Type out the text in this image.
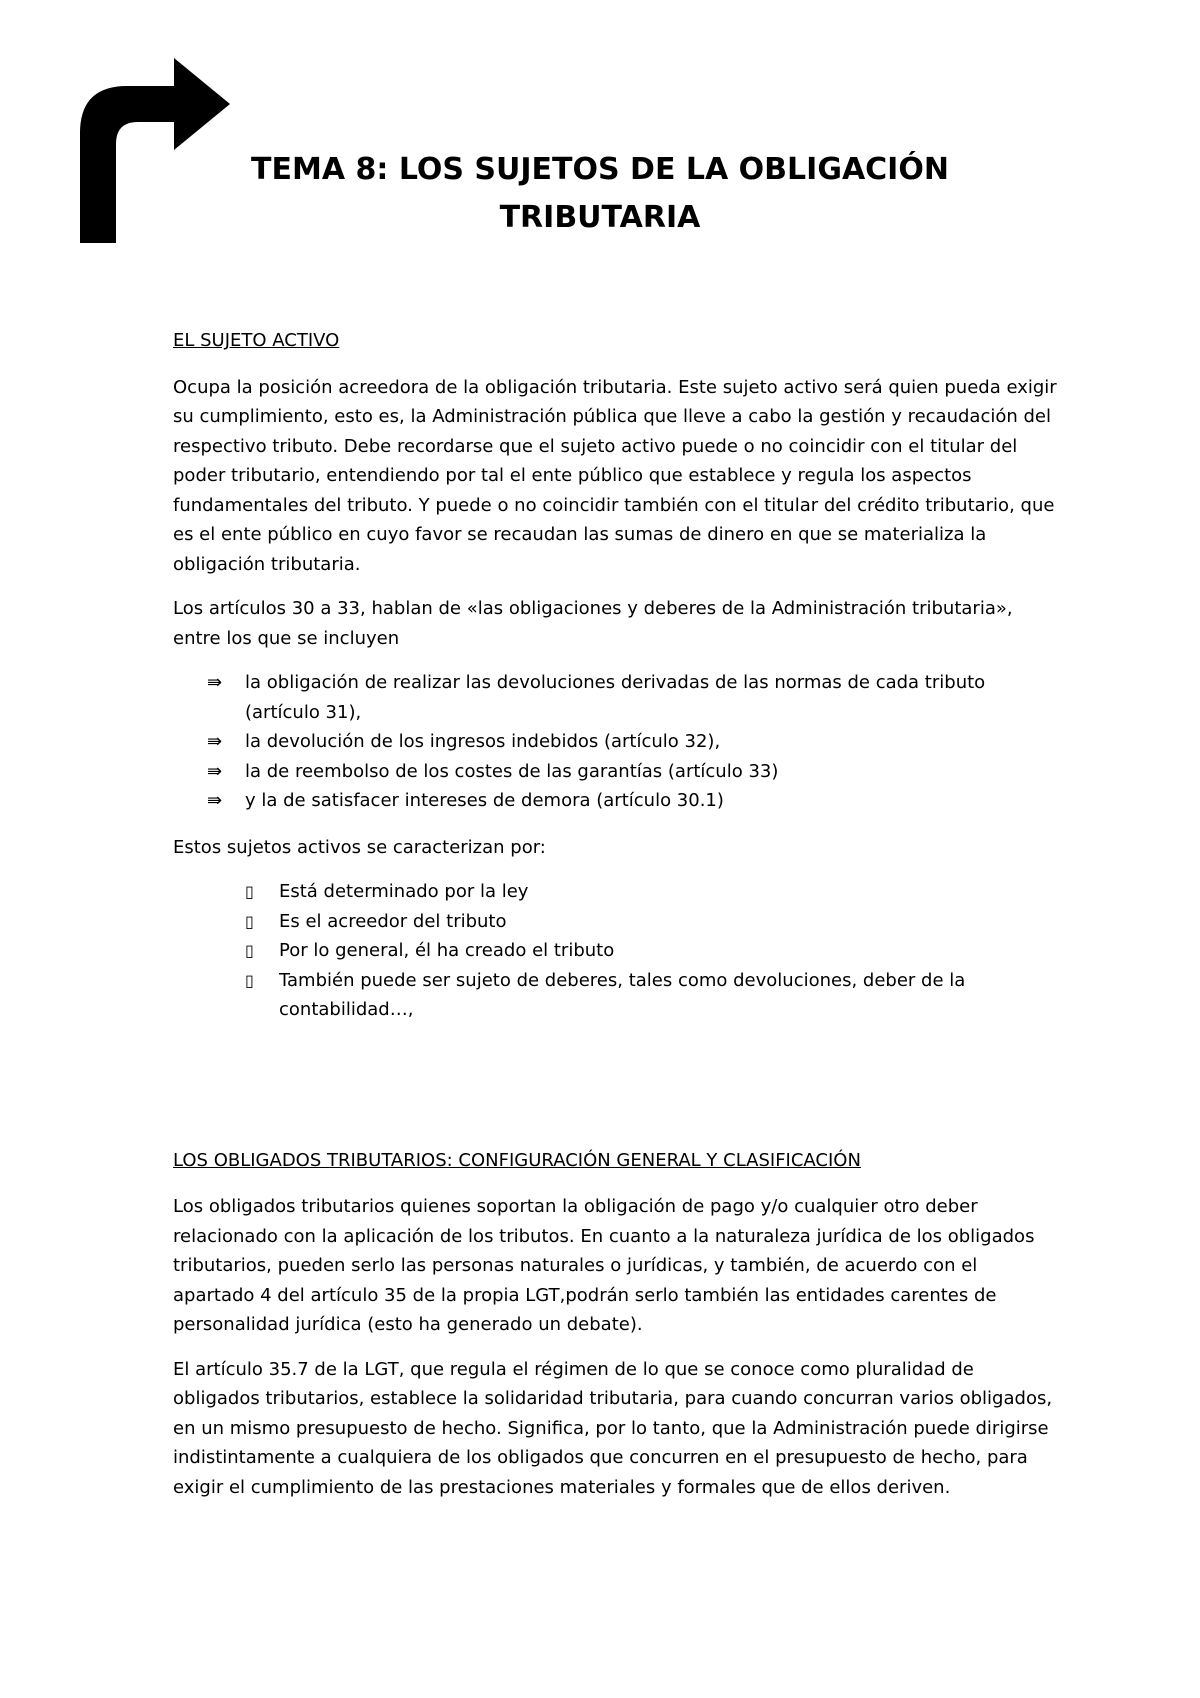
TEMA 8: LOS SUJETOS DE LA OBLIGACIÓN
TRIBUTARIA
EL SUJETO ACTIVO

Ocupa la posición acreedora de la obligación tributaria. Este sujeto activo será quien pueda exigir su cumplimiento, esto es, la Administración pública que lleve a cabo la gestión y recaudación del respectivo tributo. Debe recordarse que el sujeto activo puede o no coincidir con el titular del poder tributario, entendiendo por tal el ente público que establece y regula los aspectos fundamentales del tributo. Y puede o no coincidir también con el titular del crédito tributario, que es el ente público en cuyo favor se recaudan las sumas de dinero en que se materializa la obligación tributaria.

Los artículos 30 a 33, hablan de «las obligaciones y deberes de la Administración tributaria», entre los que se incluyen

⇛	la obligación de realizar las devoluciones derivadas de las normas de cada tributo (artículo 31),
⇛	la devolución de los ingresos indebidos (artículo 32),
⇛	la de reembolso de los costes de las garantías (artículo 33)
⇛	y la de satisfacer intereses de demora (artículo 30.1)

Estos sujetos activos se caracterizan por:

▯	Está determinado por la ley
▯	Es el acreedor del tributo
▯	Por lo general, él ha creado el tributo
▯	También puede ser sujeto de deberes, tales como devoluciones, deber de la contabilidad…,
LOS OBLIGADOS TRIBUTARIOS: CONFIGURACIÓN GENERAL Y CLASIFICACIÓN

Los obligados tributarios quienes soportan la obligación de pago y/o cualquier otro deber relacionado con la aplicación de los tributos. En cuanto a la naturaleza jurídica de los obligados tributarios, pueden serlo las personas naturales o jurídicas, y también, de acuerdo con el apartado 4 del artículo 35 de la propia LGT,podrán serlo también las entidades carentes de personalidad jurídica (esto ha generado un debate).

El artículo 35.7 de la LGT, que regula el régimen de lo que se conoce como pluralidad de obligados tributarios, establece la solidaridad tributaria, para cuando concurran varios obligados, en un mismo presupuesto de hecho. Significa, por lo tanto, que la Administración puede dirigirse indistintamente a cualquiera de los obligados que concurren en el presupuesto de hecho, para exigir el cumplimiento de las prestaciones materiales y formales que de ellos deriven.
